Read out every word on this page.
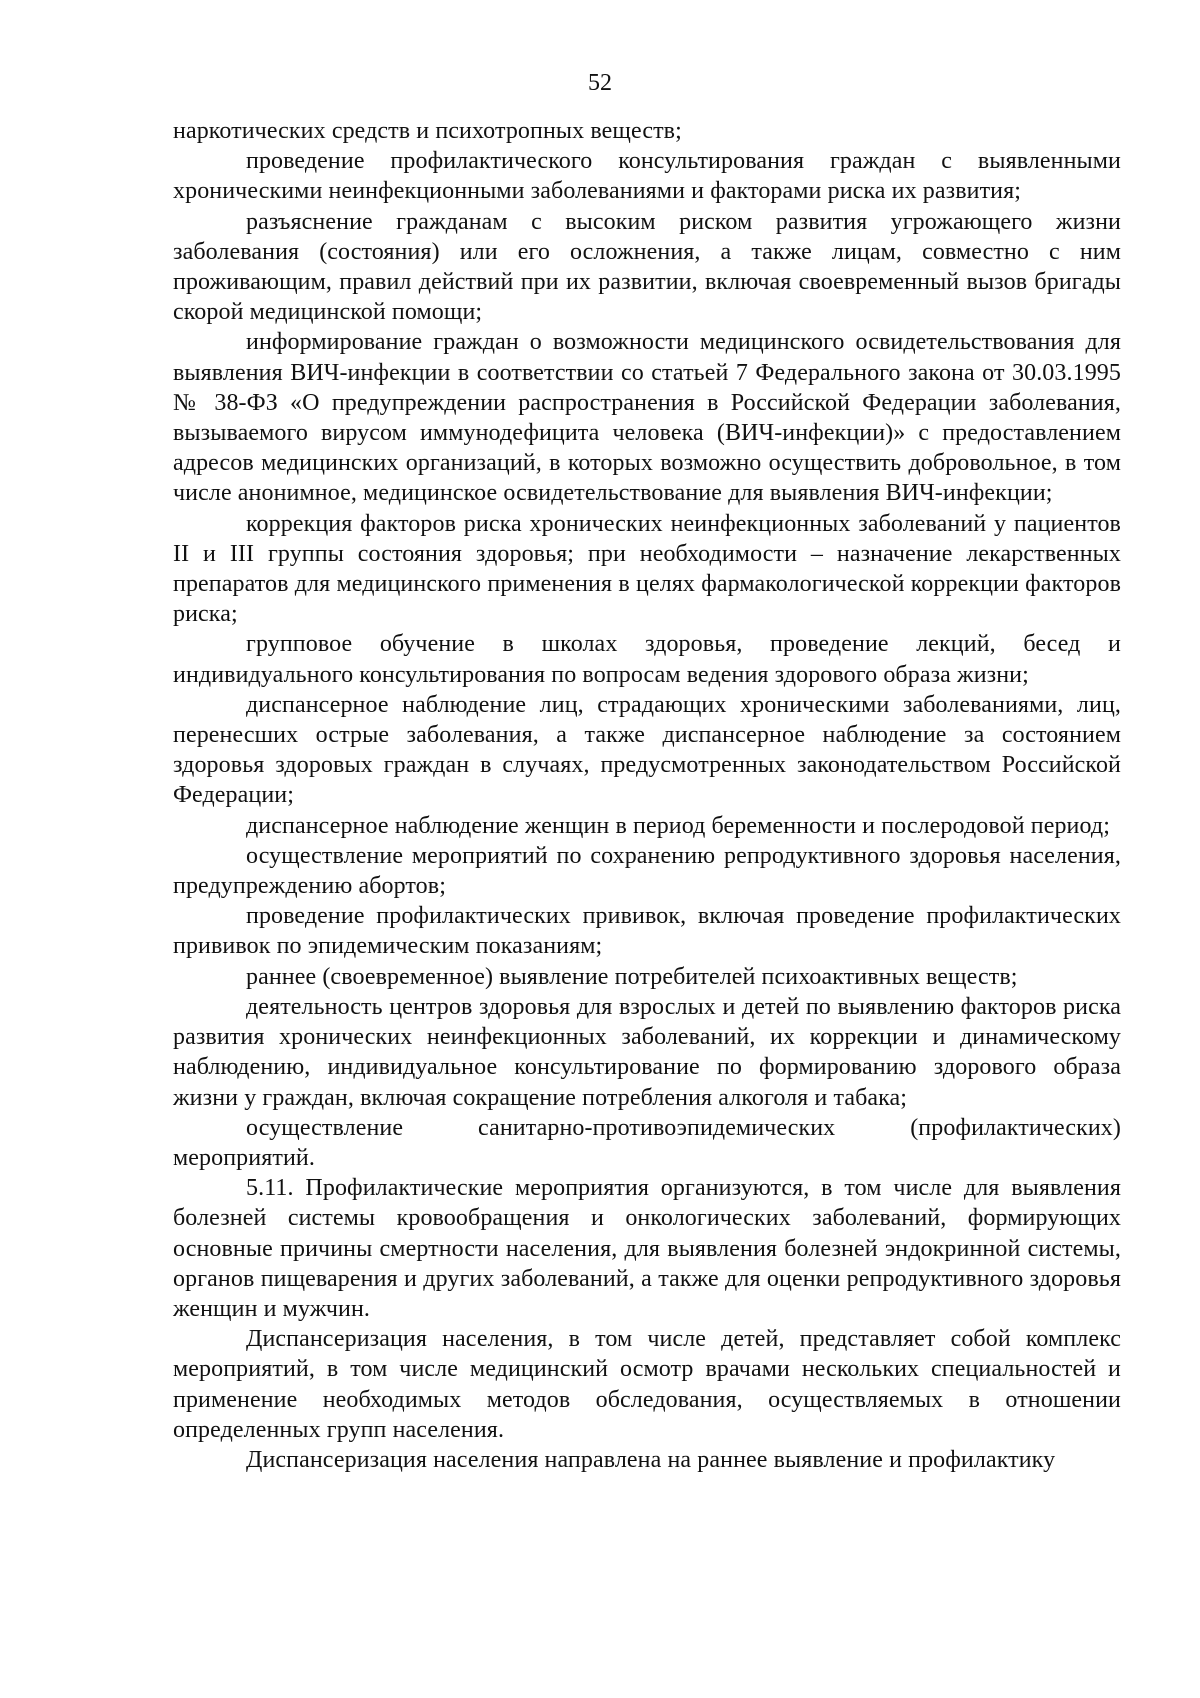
52

наркотических средств и психотропных веществ;

проведение профилактического консультирования граждан с выявленными хроническими неинфекционными заболеваниями и факторами риска их развития;

разъяснение гражданам с высоким риском развития угрожающего жизни заболевания (состояния) или его осложнения, а также лицам, совместно с ним проживающим, правил действий при их развитии, включая своевременный вызов бригады скорой медицинской помощи;

информирование граждан о возможности медицинского освидетельствования для выявления ВИЧ-инфекции в соответствии со статьей 7 Федерального закона от 30.03.1995 № 38-ФЗ «О предупреждении распространения в Российской Федерации заболевания, вызываемого вирусом иммунодефицита человека (ВИЧ-инфекции)» с предоставлением адресов медицинских организаций, в которых возможно осуществить добровольное, в том числе анонимное, медицинское освидетельствование для выявления ВИЧ-инфекции;

коррекция факторов риска хронических неинфекционных заболеваний у пациентов II и III группы состояния здоровья; при необходимости – назначение лекарственных препаратов для медицинского применения в целях фармакологической коррекции факторов риска;

групповое обучение в школах здоровья, проведение лекций, бесед и индивидуального консультирования по вопросам ведения здорового образа жизни;

диспансерное наблюдение лиц, страдающих хроническими заболеваниями, лиц, перенесших острые заболевания, а также диспансерное наблюдение за состоянием здоровья здоровых граждан в случаях, предусмотренных законодательством Российской Федерации;

диспансерное наблюдение женщин в период беременности и послеродовой период;

осуществление мероприятий по сохранению репродуктивного здоровья населения, предупреждению абортов;

проведение профилактических прививок, включая проведение профилактических прививок по эпидемическим показаниям;

раннее (своевременное) выявление потребителей психоактивных веществ;

деятельность центров здоровья для взрослых и детей по выявлению факторов риска развития хронических неинфекционных заболеваний, их коррекции и динамическому наблюдению, индивидуальное консультирование по формированию здорового образа жизни у граждан, включая сокращение потребления алкоголя и табака;

осуществление санитарно-противоэпидемических (профилактических) мероприятий.

5.11. Профилактические мероприятия организуются, в том числе для выявления болезней системы кровообращения и онкологических заболеваний, формирующих основные причины смертности населения, для выявления болезней эндокринной системы, органов пищеварения и других заболеваний, а также для оценки репродуктивного здоровья женщин и мужчин.

Диспансеризация населения, в том числе детей, представляет собой комплекс мероприятий, в том числе медицинский осмотр врачами нескольких специальностей и применение необходимых методов обследования, осуществляемых в отношении определенных групп населения.

Диспансеризация населения направлена на раннее выявление и профилактику
